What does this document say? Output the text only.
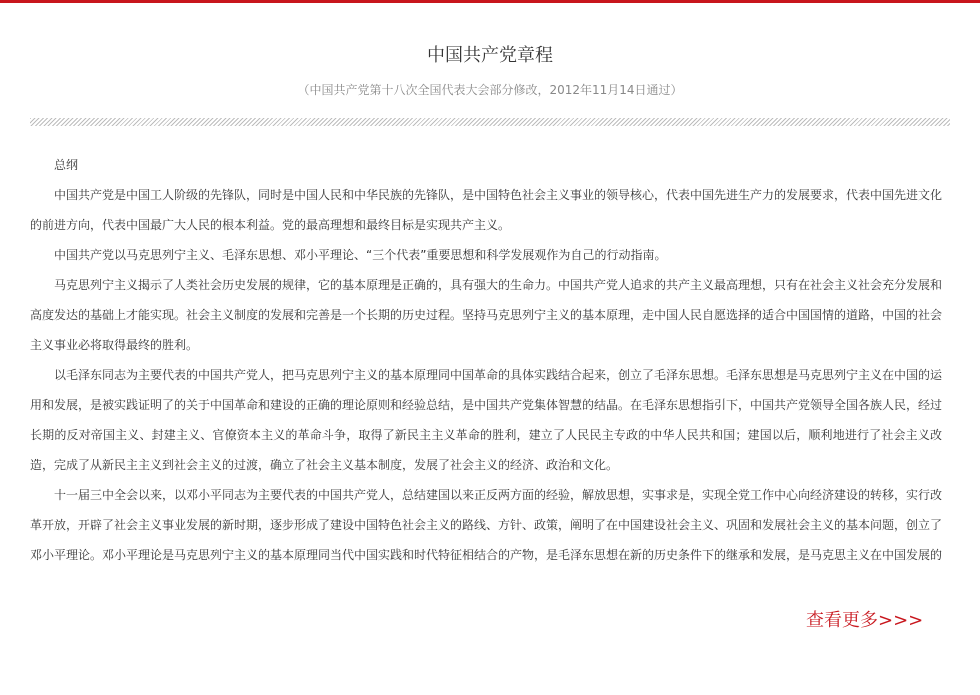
中国共产党章程
（中国共产党第十八次全国代表大会部分修改，2012年11月14日通过）

总纲

中国共产党是中国工人阶级的先锋队，同时是中国人民和中华民族的先锋队，是中国特色社会主义事业的领导核心，代表中国先进生产力的发展要求，代表中国先进文化的前进方向，代表中国最广大人民的根本利益。党的最高理想和最终目标是实现共产主义。

中国共产党以马克思列宁主义、毛泽东思想、邓小平理论、“三个代表”重要思想和科学发展观作为自己的行动指南。

马克思列宁主义揭示了人类社会历史发展的规律，它的基本原理是正确的，具有强大的生命力。中国共产党人追求的共产主义最高理想，只有在社会主义社会充分发展和高度发达的基础上才能实现。社会主义制度的发展和完善是一个长期的历史过程。坚持马克思列宁主义的基本原理，走中国人民自愿选择的适合中国国情的道路，中国的社会主义事业必将取得最终的胜利。

以毛泽东同志为主要代表的中国共产党人，把马克思列宁主义的基本原理同中国革命的具体实践结合起来，创立了毛泽东思想。毛泽东思想是马克思列宁主义在中国的运用和发展，是被实践证明了的关于中国革命和建设的正确的理论原则和经验总结，是中国共产党集体智慧的结晶。在毛泽东思想指引下，中国共产党领导全国各族人民，经过长期的反对帝国主义、封建主义、官僚资本主义的革命斗争，取得了新民主主义革命的胜利，建立了人民民主专政的中华人民共和国；建国以后，顺利地进行了社会主义改造，完成了从新民主主义到社会主义的过渡，确立了社会主义基本制度，发展了社会主义的经济、政治和文化。

十一届三中全会以来，以邓小平同志为主要代表的中国共产党人，总结建国以来正反两方面的经验，解放思想，实事求是，实现全党工作中心向经济建设的转移，实行改革开放，开辟了社会主义事业发展的新时期，逐步形成了建设中国特色社会主义的路线、方针、政策，阐明了在中国建设社会主义、巩固和发展社会主义的基本问题，创立了邓小平理论。邓小平理论是马克思列宁主义的基本原理同当代中国实践和时代特征相结合的产物，是毛泽东思想在新的历史条件下的继承和发展，是马克思主义在中国发展的

查看更多>>>
